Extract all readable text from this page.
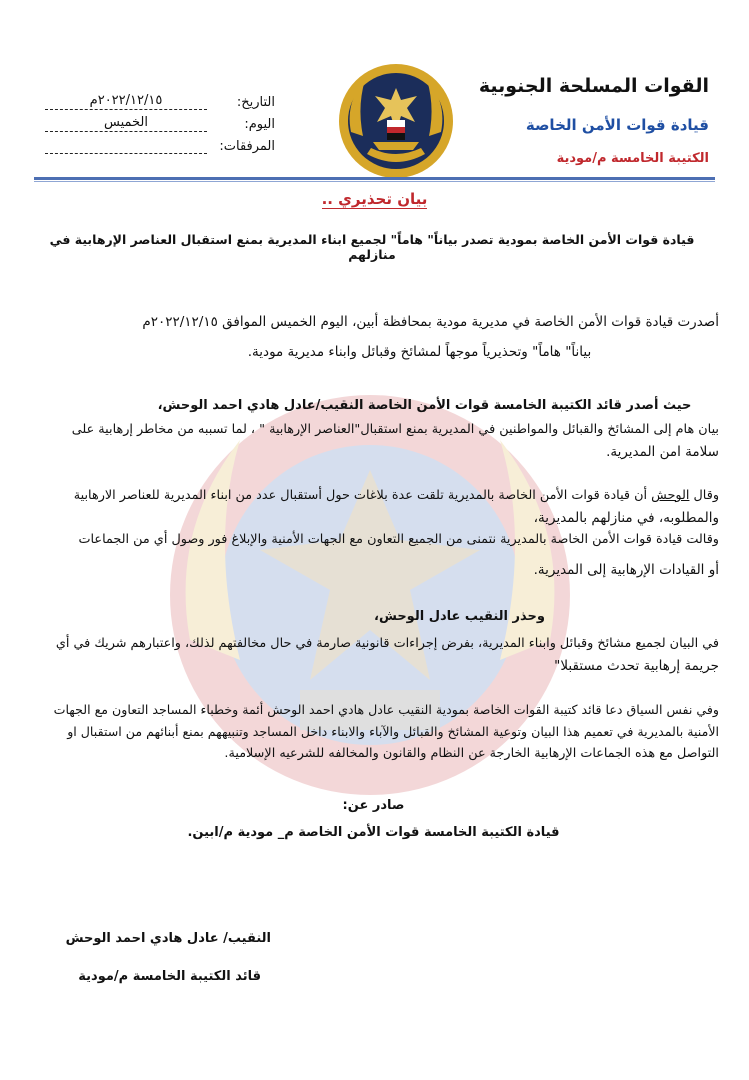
القوات المسلحة الجنوبية
قيادة قوات الأمن الخاصة
الكتيبة الخامسة م/مودية
التاريخ:
٢٠٢٢/١٢/١٥م
اليوم:
الخميس
المرفقات:
بيان تحذيري ..
قيادة قوات الأمن الخاصة بمودية تصدر بياناً" هاماً" لجميع ابناء المديرية بمنع استقبال العناصر الإرهابية في منازلهم
أصدرت قيادة قوات الأمن الخاصة في مديرية مودية بمحافظة أبين، اليوم الخميس الموافق ٢٠٢٢/١٢/١٥م
بياناً" هاماً" وتحذيرياً موجهاً لمشائخ وقبائل وابناء مديرية مودية.
حيث أصدر قائد الكتيبة الخامسة قوات الأمن الخاصة النقيب/عادل هادي احمد الوحش،
بيان هام إلى المشائخ والقبائل والمواطنين في المديرية بمنع استقبال"العناصر الإرهابية " ، لما تسببه من مخاطر إرهابية على
سلامة امن المديرية.
وقال الوحش أن قيادة قوات الأمن الخاصة بالمديرية تلقت عدة بلاغات حول أستقبال عدد من ابناء المديرية للعناصر الارهابية
والمطلوبه، في منازلهم بالمديرية،
وقالت قيادة قوات الأمن الخاصة بالمديرية نتمنى من الجميع التعاون مع الجهات الأمنية والإبلاغ فور وصول أي من الجماعات
أو القيادات الإرهابية إلى المديرية.
وحذر النقيب عادل الوحش،
في البيان لجميع مشائخ وقبائل وابناء المديرية، بفرض إجراءات قانونية صارمة في حال مخالفتهم لذلك، واعتبارهم شريك في أي
جريمة إرهابية تحدث مستقبلا"
وفي نفس السياق دعا قائد كتيبة القوات الخاصة بمودية النقيب عادل هادي احمد الوحش أئمة وخطباء المساجد التعاون مع الجهات
الأمنية بالمديرية في تعميم هذا البيان وتوعية المشائخ والقبائل والآباء والابناء داخل المساجد وتنبيههم بمنع أبنائهم من استقبال او
التواصل مع هذه الجماعات الإرهابية الخارجة عن النظام والقانون والمخالفه للشرعيه الإسلامية.
صادر عن:
قيادة الكتيبة الخامسة قوات الأمن الخاصة م_ مودية م/ابين.
النقيب/ عادل هادي احمد الوحش
قائد الكتيبة الخامسة م/مودية
